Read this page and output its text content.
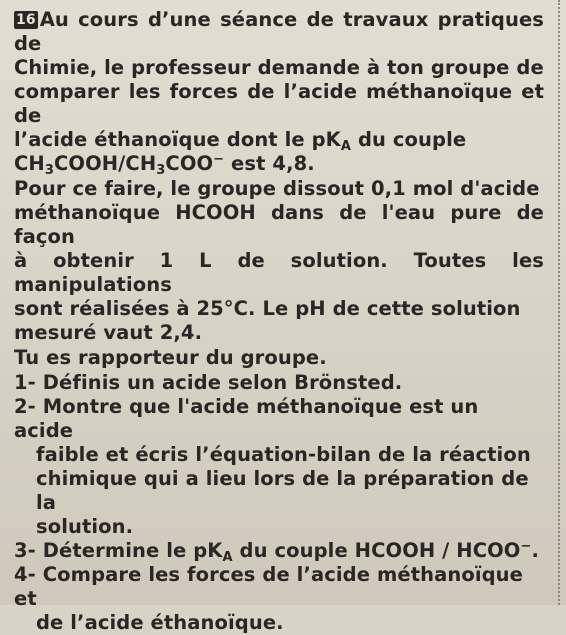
16 Au cours d’une séance de travaux pratiques de
Chimie, le professeur demande à ton groupe de
comparer les forces de l’acide méthanoïque et de
l’acide éthanoïque dont le $pK_A$ du couple
$CH_3COOH/CH_3COO^-$ est 4,8.
Pour ce faire, le groupe dissout 0,1 mol d'acide
méthanoïque HCOOH dans de l'eau pure de façon
à obtenir 1 L de solution. Toutes les manipulations
sont réalisées à 25°C. Le pH de cette solution
mesuré vaut 2,4.
Tu es rapporteur du groupe.
1- Définis un acide selon Brönsted.
2- Montre que l'acide méthanoïque est un acide
faible et écris l’équation-bilan de la réaction
chimique qui a lieu lors de la préparation de la
solution.
3- Détermine le $pK_A$ du couple HCOOH / HCOO−.
4- Compare les forces de l’acide méthanoïque et
de l’acide éthanoïque.
